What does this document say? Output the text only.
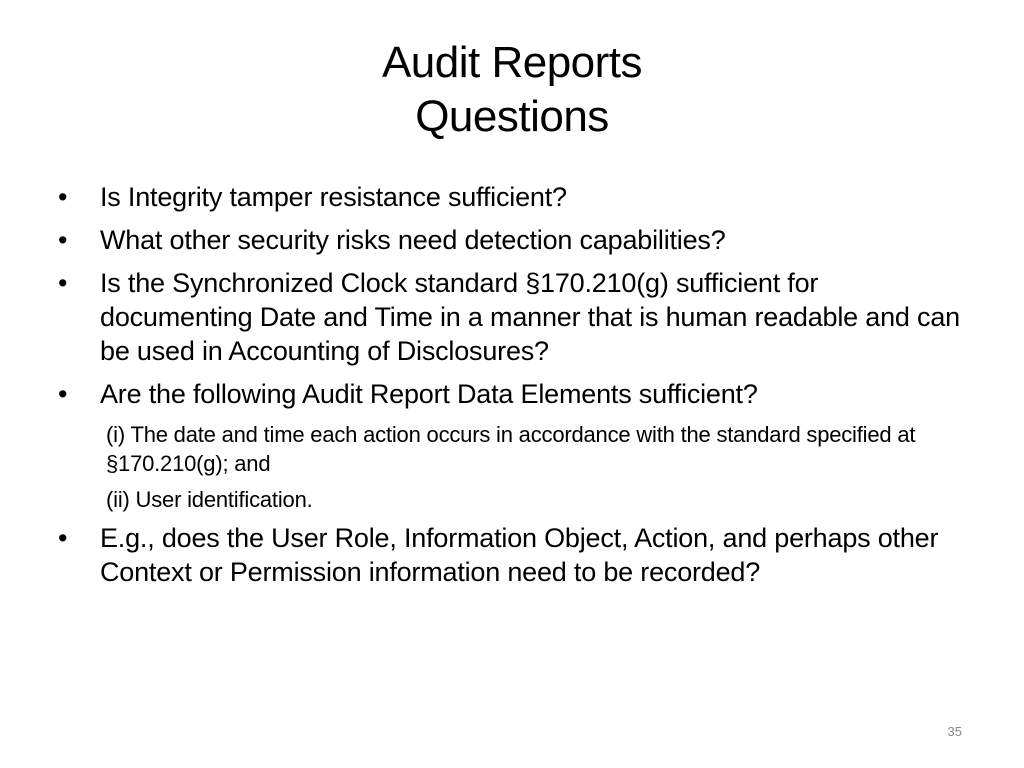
Audit Reports
Questions
•	Is Integrity tamper resistance sufficient?
•	What other security risks need detection capabilities?
•	Is the Synchronized Clock standard §170.210(g) sufficient for documenting Date and Time in a manner that is human readable and can be used in Accounting of Disclosures?
•	Are the following Audit Report Data Elements sufficient?
(i) The date and time each action occurs in accordance with the standard specified at §170.210(g); and
(ii) User identification.
•	E.g., does the User Role, Information Object, Action, and perhaps other Context or Permission information need to be recorded?
35
